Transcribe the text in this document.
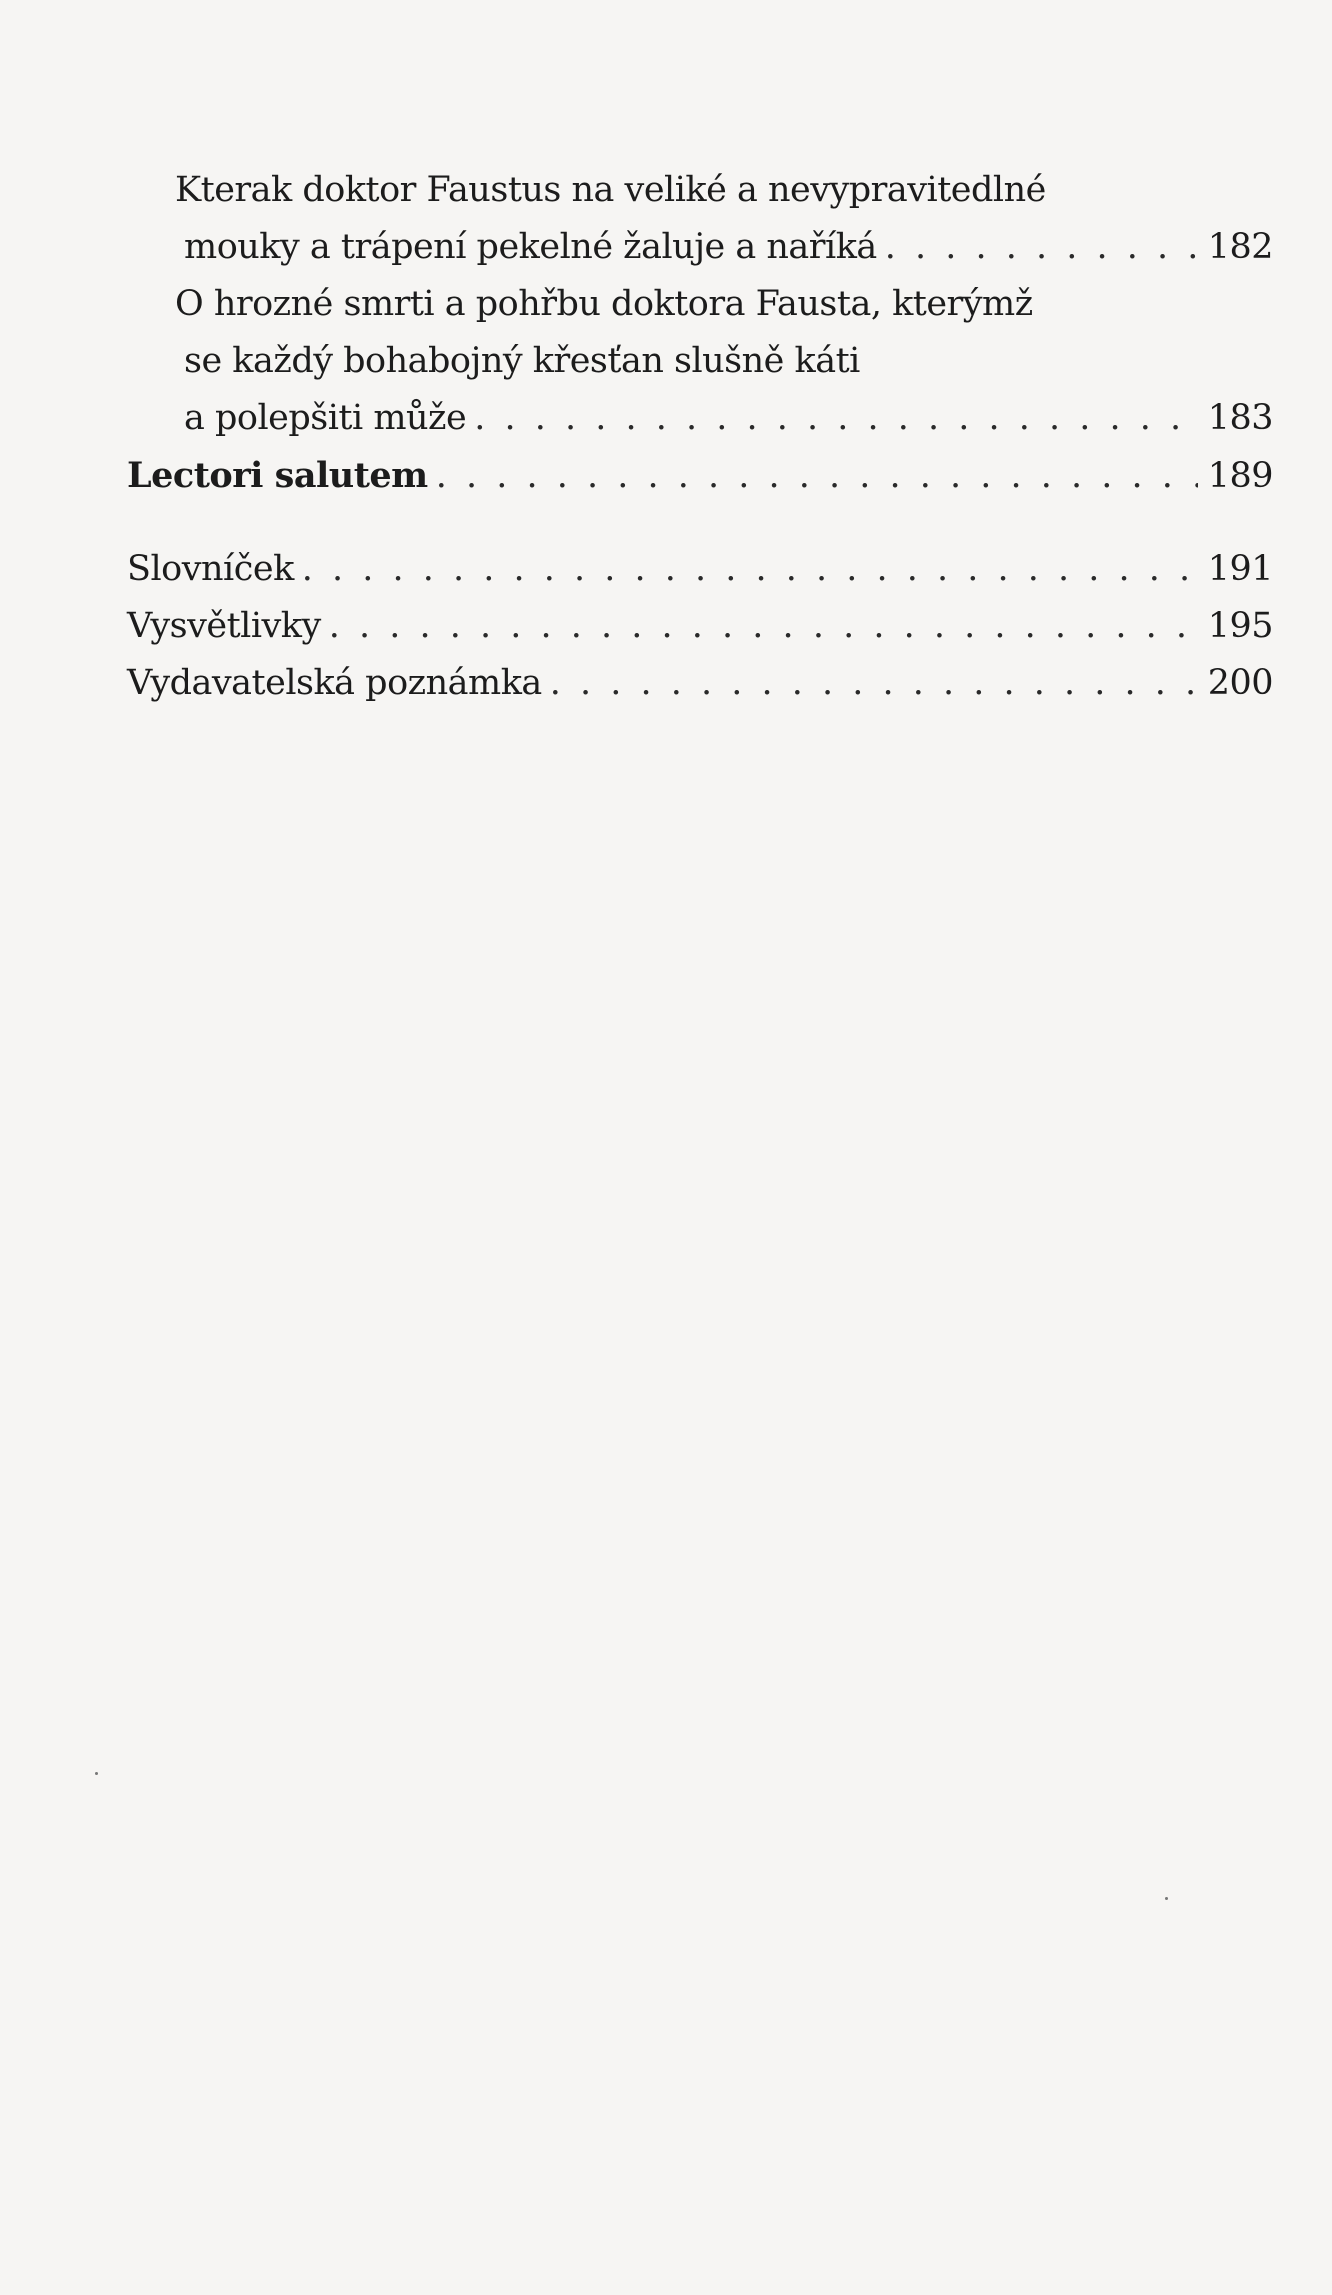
Kterak doktor Faustus na veliké a nevypravitedlné
mouky a trápení pekelné žaluje a naříká . . .	182
O hrozné smrti a pohřbu doktora Fausta, kterýmž
se každý bohabojný křesťan slušně káti
a polepšiti může . . .	183
Lectori salutem . . .	189
Slovníček . . .	191
Vysvětlivky . . .	195
Vydavatelská poznámka . . .	200
